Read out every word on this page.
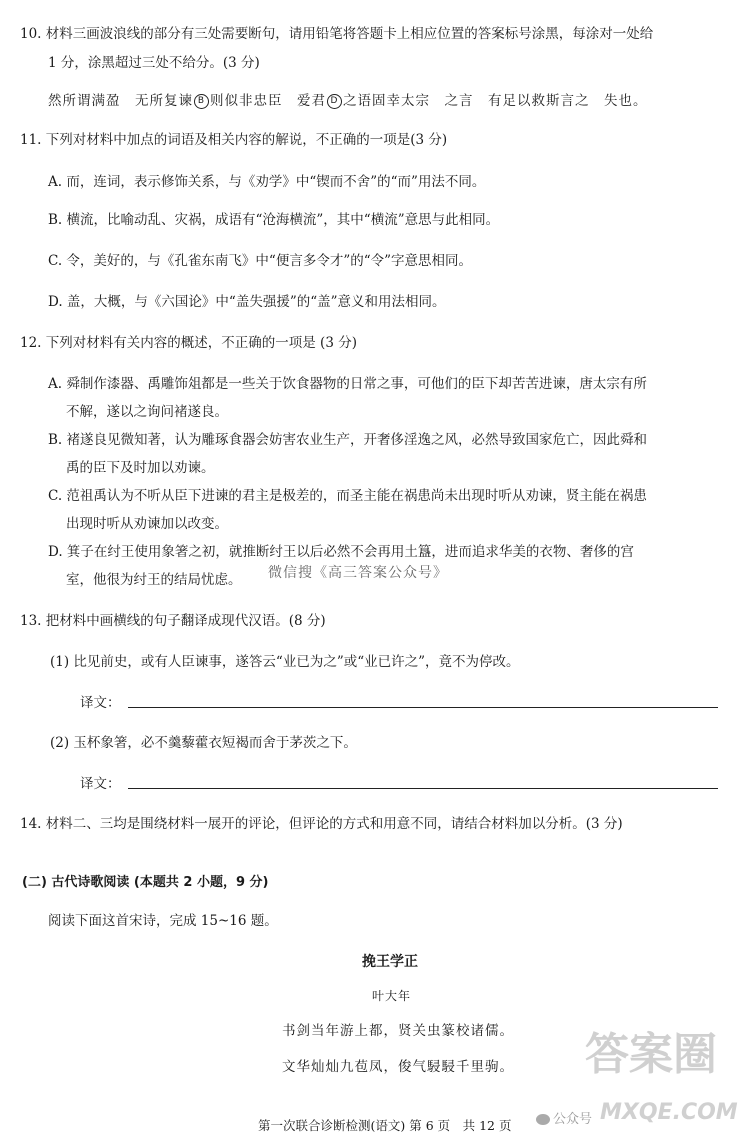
10. 材料三画波浪线的部分有三处需要断句，请用铅笔将答题卡上相应位置的答案标号涂黑，每涂对一处给
1 分，涂黑超过三处不给分。(3 分)
然所谓满盈　无所复谏 B 则似非忠臣　爱君 D 之语固幸太宗　之言　有足以救斯言之　失也。
11. 下列对材料中加点的词语及相关内容的解说，不正确的一项是(3 分)
A. 而，连词，表示修饰关系，与《劝学》中“锲而不舍”的“而”用法不同。
B. 横流，比喻动乱、灾祸，成语有“沧海横流”，其中“横流”意思与此相同。
C. 令，美好的，与《孔雀东南飞》中“便言多令才”的“令”字意思相同。
D. 盖，大概，与《六国论》中“盖失强援”的“盖”意义和用法相同。
12. 下列对材料有关内容的概述，不正确的一项是 (3 分)
A. 舜制作漆器、禹雕饰俎都是一些关于饮食器物的日常之事，可他们的臣下却苦苦进谏，唐太宗有所
不解，遂以之询问褚遂良。
B. 褚遂良见微知著，认为雕琢食器会妨害农业生产，开奢侈淫逸之风，必然导致国家危亡，因此舜和
禹的臣下及时加以劝谏。
C. 范祖禹认为不听从臣下进谏的君主是极差的，而圣主能在祸患尚未出现时听从劝谏，贤主能在祸患
出现时听从劝谏加以改变。
D. 箕子在纣王使用象箸之初，就推断纣王以后必然不会再用土簋，进而追求华美的衣物、奢侈的宫
室，他很为纣王的结局忧虑。 微信搜《高三答案公众号》
13. 把材料中画横线的句子翻译成现代汉语。(8 分)
(1) 比见前史，或有人臣谏事，遂答云“业已为之”或“业已许之”，竟不为停改。
译文：
(2) 玉杯象箸，必不羹藜藿衣短褐而舍于茅茨之下。
译文：
14. 材料二、三均是围绕材料一展开的评论，但评论的方式和用意不同，请结合材料加以分析。(3 分)
(二) 古代诗歌阅读 (本题共 2 小题，9 分)
阅读下面这首宋诗，完成 15~16 题。
挽王学正
叶大年
书剑当年游上都，贤关虫篆校诸儒。
文华灿灿九苞凤，俊气駸駸千里驹。 答案圈
MXQE.COM
公众号
第一次联合诊断检测(语文) 第 6 页　共 12 页
